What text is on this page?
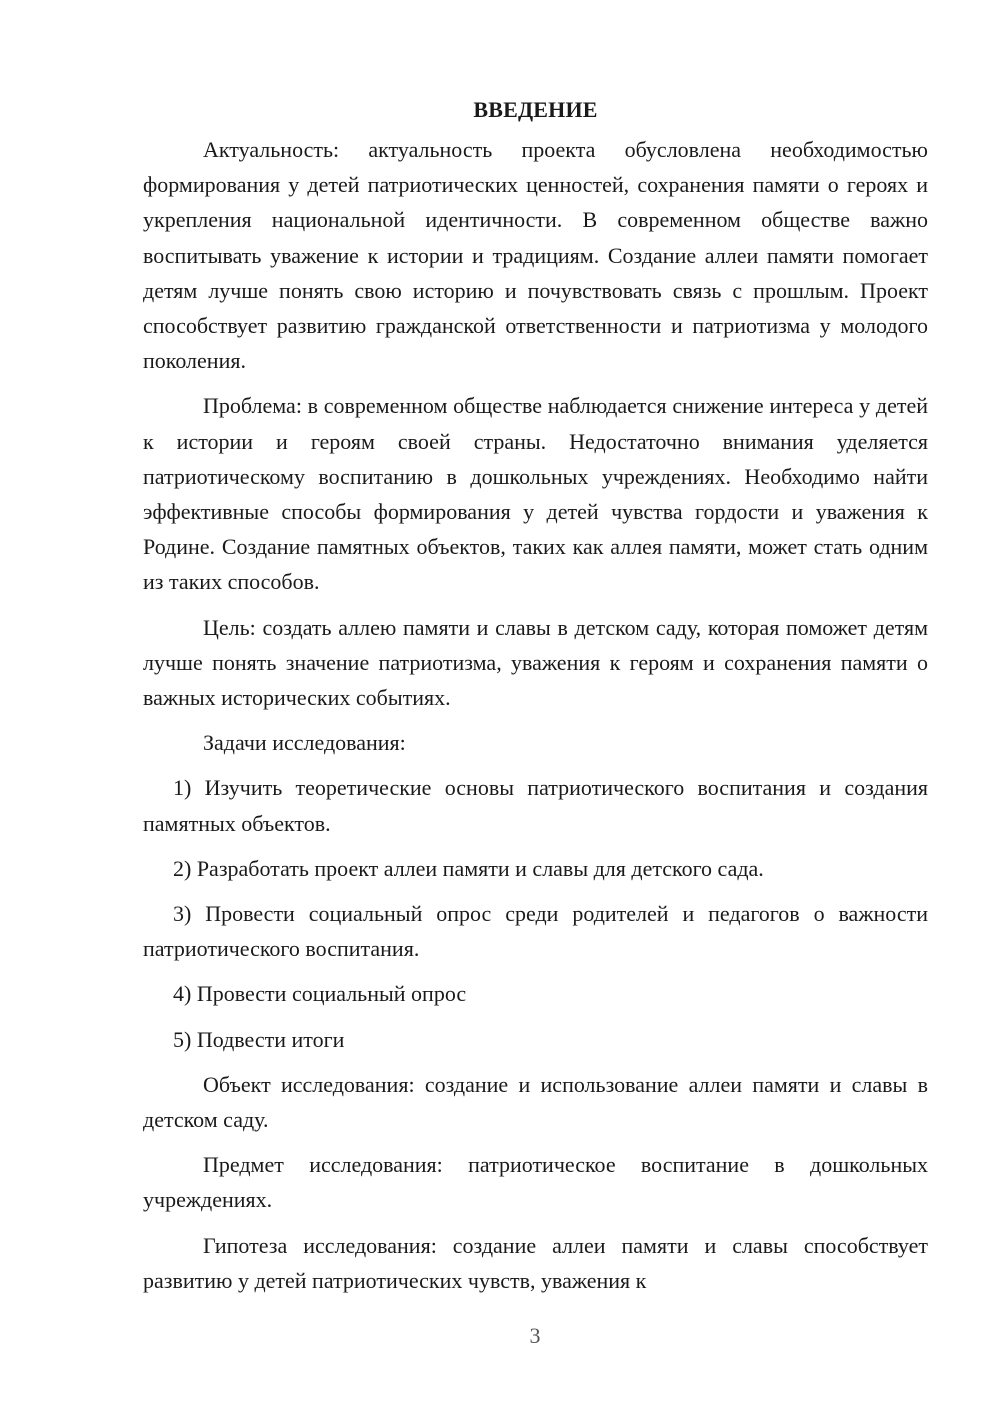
ВВЕДЕНИЕ

Актуальность: актуальность проекта обусловлена необходимостью формирования у детей патриотических ценностей, сохранения памяти о героях и укрепления национальной идентичности. В современном обществе важно воспитывать уважение к истории и традициям. Создание аллеи памяти помогает детям лучше понять свою историю и почувствовать связь с прошлым. Проект способствует развитию гражданской ответственности и патриотизма у молодого поколения.

Проблема: в современном обществе наблюдается снижение интереса у детей к истории и героям своей страны. Недостаточно внимания уделяется патриотическому воспитанию в дошкольных учреждениях. Необходимо найти эффективные способы формирования у детей чувства гордости и уважения к Родине. Создание памятных объектов, таких как аллея памяти, может стать одним из таких способов.

Цель: создать аллею памяти и славы в детском саду, которая поможет детям лучше понять значение патриотизма, уважения к героям и сохранения памяти о важных исторических событиях.

Задачи исследования:

1) Изучить теоретические основы патриотического воспитания и создания памятных объектов.

2) Разработать проект аллеи памяти и славы для детского сада.

3) Провести социальный опрос среди родителей и педагогов о важности патриотического воспитания.

4) Провести социальный опрос

5) Подвести итоги

Объект исследования: создание и использование аллеи памяти и славы в детском саду.

Предмет исследования: патриотическое воспитание в дошкольных учреждениях.

Гипотеза исследования: создание аллеи памяти и славы способствует развитию у детей патриотических чувств, уважения к

3
